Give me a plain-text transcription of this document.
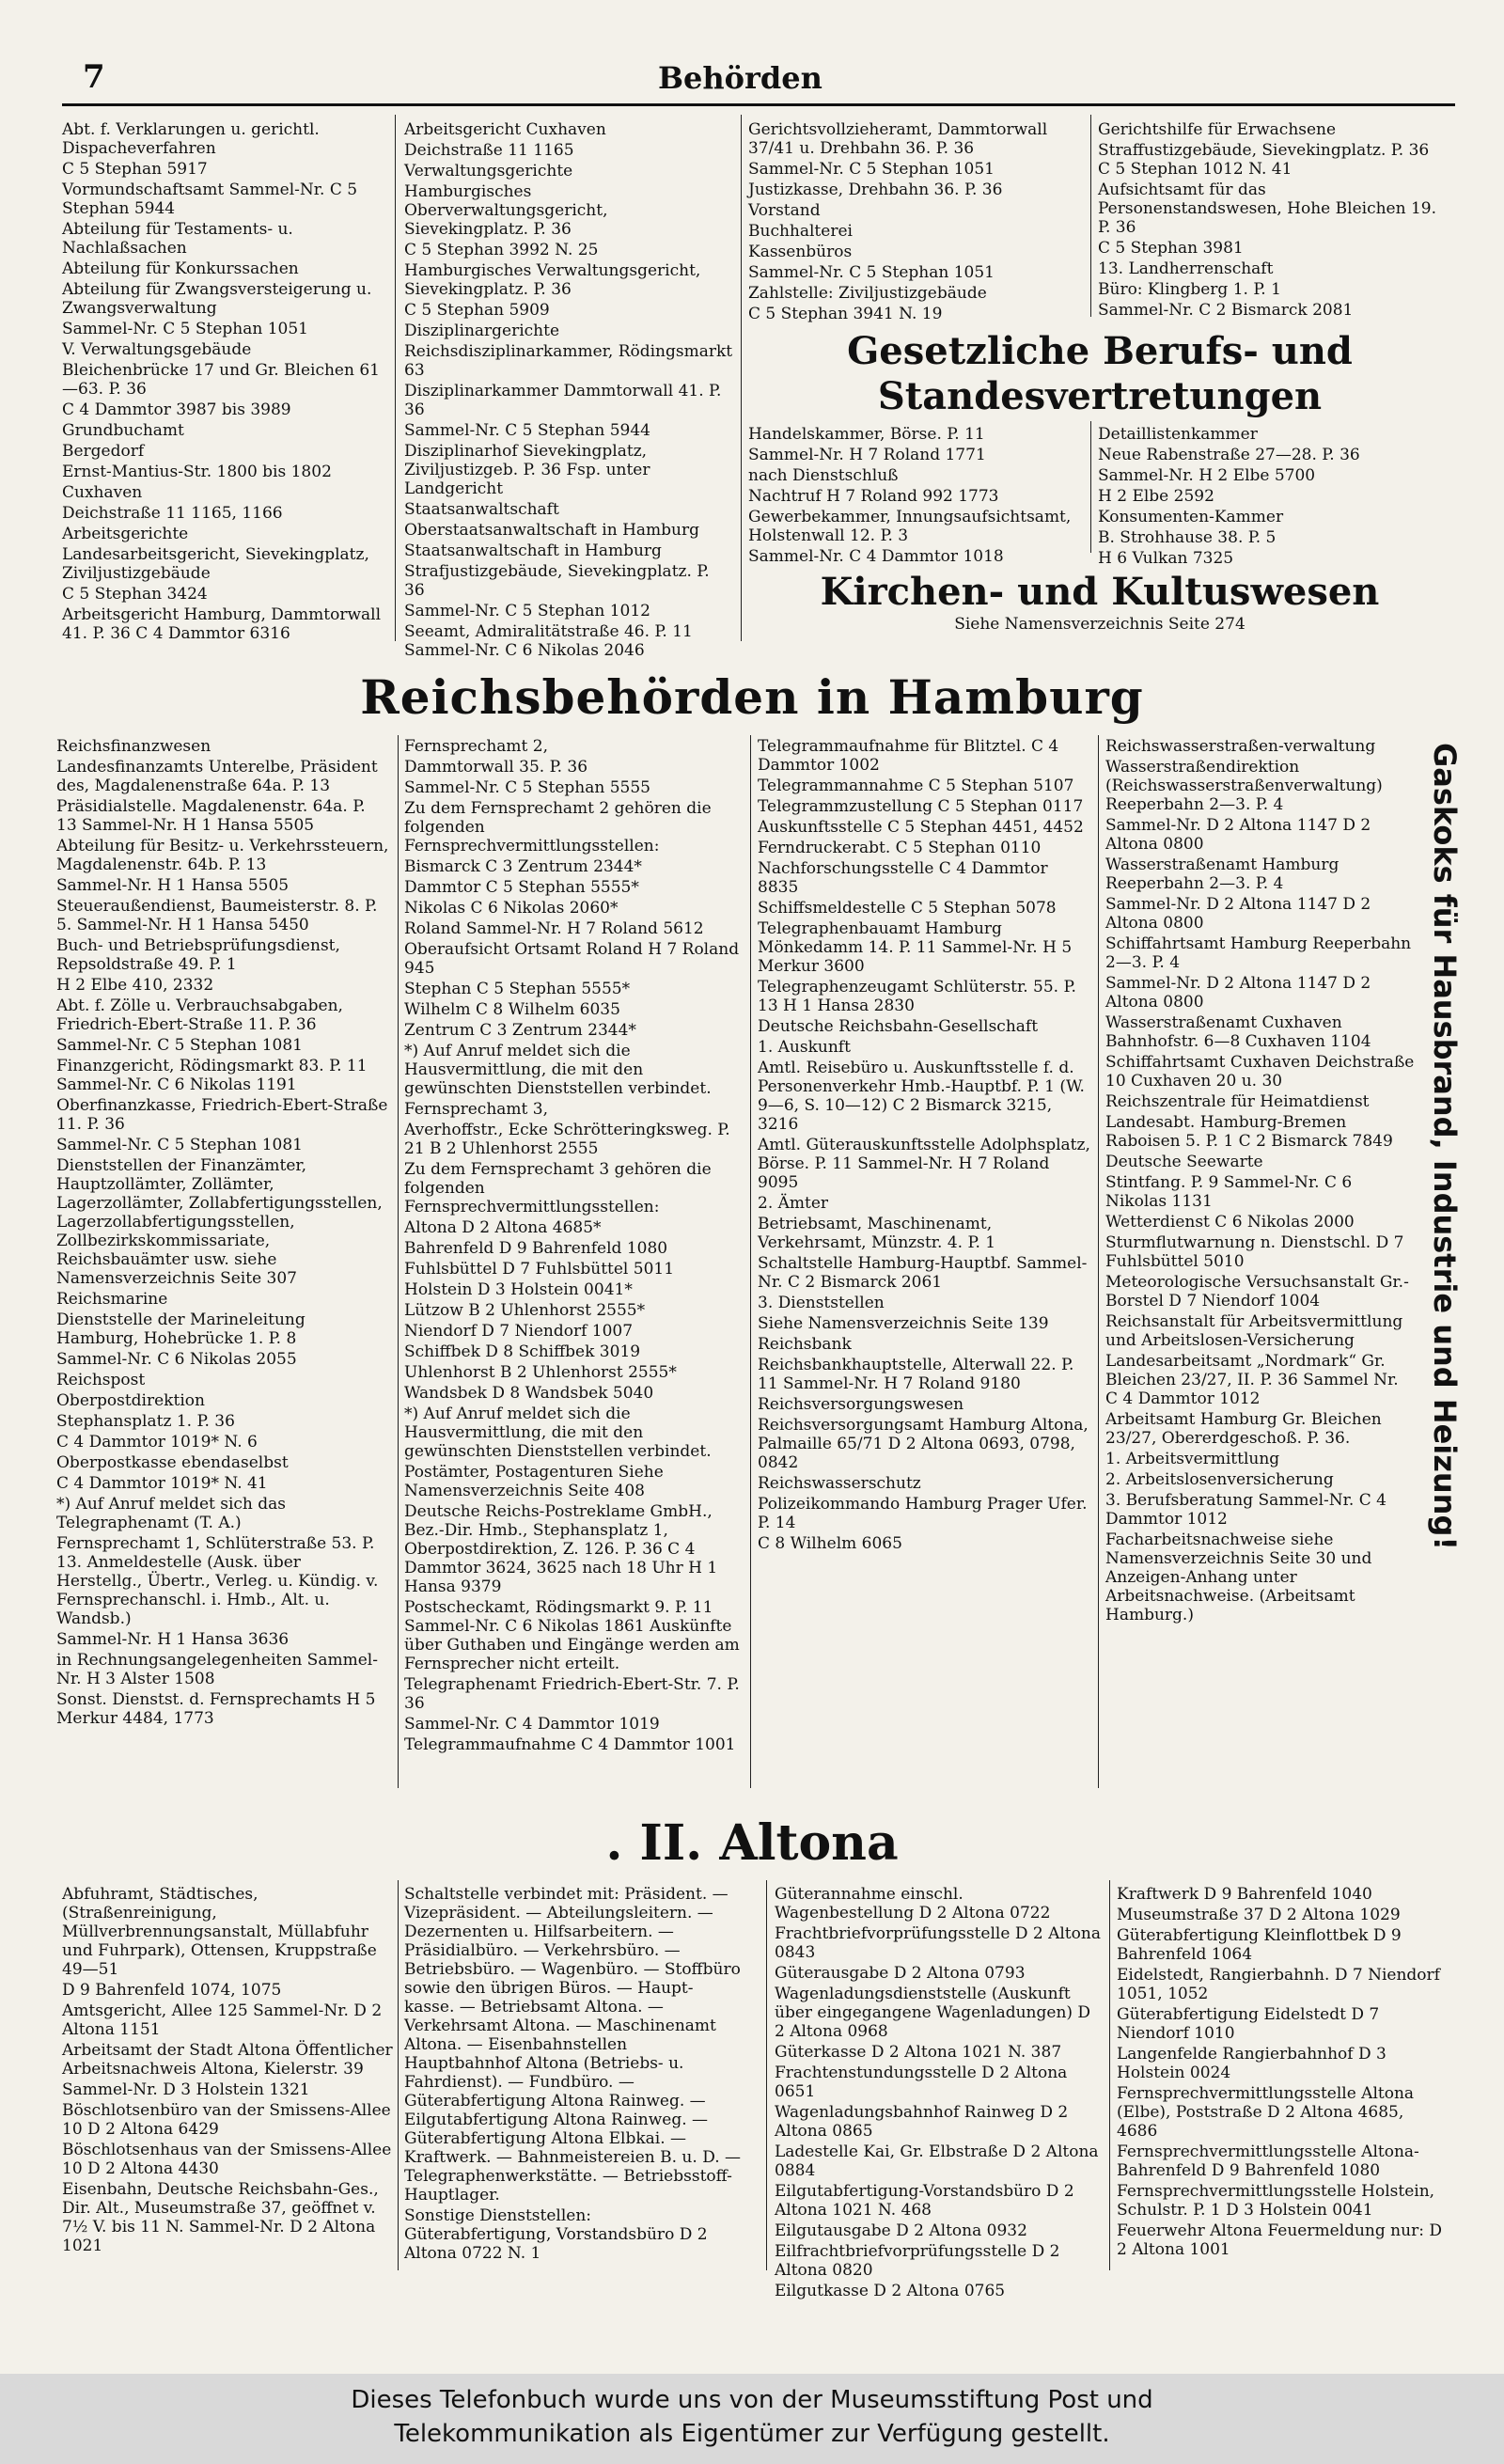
7	Behörden
Abt. f. Verklarungen u. gerichtl. Dispacheverfahren
C 5 Stephan 5917
Vormundschaftsamt Sammel-Nr. C 5 Stephan 5944
Abteilung für Testaments- u. Nachlaßsachen
Abteilung für Konkurssachen
Abteilung für Zwangsversteigerung u. Zwangsverwaltung
Sammel-Nr. C 5 Stephan 1051
V. Verwaltungsgebäude
Bleichenbrücke 17 und Gr. Bleichen 61—63. P. 36
C 4 Dammtor 3987 bis 3989
Grundbuchamt
Bergedorf
Ernst-Mantius-Str. 1800 bis 1802
Cuxhaven
Deichstraße 11 1165, 1166
Arbeitsgerichte
Landesarbeitsgericht, Sievekingplatz, Ziviljustizgebäude
C 5 Stephan 3424
Arbeitsgericht Hamburg, Dammtorwall 41. P. 36 C 4 Dammtor 6316
Arbeitsgericht Cuxhaven
Deichstraße 11 1165
Verwaltungsgerichte
Hamburgisches Oberverwaltungsgericht, Sievekingplatz. P. 36
C 5 Stephan 3992 N. 25
Hamburgisches Verwaltungsgericht, Sievekingplatz. P. 36
C 5 Stephan 5909
Disziplinargerichte
Reichsdisziplinarkammer, Rödingsmarkt 63
Disziplinarkammer Dammtorwall 41. P. 36
Sammel-Nr. C 5 Stephan 5944
Disziplinarhof Sievekingplatz, Ziviljustizgeb. P. 36 Fsp. unter Landgericht
Staatsanwaltschaft
Oberstaatsanwaltschaft in Hamburg
Staatsanwaltschaft in Hamburg
Strafjustizgebäude, Sievekingplatz. P. 36
Sammel-Nr. C 5 Stephan 1012
Seeamt, Admiralitätstraße 46. P. 11 Sammel-Nr. C 6 Nikolas 2046
Gerichtsvollzieheramt, Dammtorwall 37/41 u. Drehbahn 36. P. 36
Sammel-Nr. C 5 Stephan 1051
Justizkasse, Drehbahn 36. P. 36
Vorstand
Buchhalterei
Kassenbüros
Sammel-Nr. C 5 Stephan 1051
Zahlstelle: Ziviljustizgebäude
C 5 Stephan 3941 N. 19
Gerichtshilfe für Erwachsene
Straffustizgebäude, Sievekingplatz. P. 36 C 5 Stephan 1012 N. 41
Aufsichtsamt für das Personenstandswesen, Hohe Bleichen 19. P. 36
C 5 Stephan 3981
13. Landherrenschaft
Büro: Klingberg 1. P. 1
Sammel-Nr. C 2 Bismarck 2081
Gesetzliche Berufs- und Standesvertretungen
Handelskammer, Börse. P. 11
Sammel-Nr. H 7 Roland 1771
nach Dienstschluß
Nachtruf H 7 Roland 992 1773
Gewerbekammer, Innungsaufsichtsamt, Holstenwall 12. P. 3
Sammel-Nr. C 4 Dammtor 1018
Detaillistenkammer
Neue Rabenstraße 27—28. P. 36
Sammel-Nr. H 2 Elbe 5700
H 2 Elbe 2592
Konsumenten-Kammer
B. Strohhause 38. P. 5
H 6 Vulkan 7325
Kirchen- und Kultuswesen
Siehe Namensverzeichnis Seite 274
Reichsbehörden in Hamburg
Reichsfinanzwesen
Landesfinanzamts Unterelbe, Präsident des, Magdalenenstraße 64a. P. 13
Präsidialstelle. Magdalenenstr. 64a. P. 13 Sammel-Nr. H 1 Hansa 5505
Abteilung für Besitz- u. Verkehrssteuern, Magdalenenstr. 64b. P. 13
Sammel-Nr. H 1 Hansa 5505
Steueraußendienst, Baumeisterstr. 8. P. 5. Sammel-Nr. H 1 Hansa 5450
Buch- und Betriebsprüfungsdienst, Repsoldstraße 49. P. 1
H 2 Elbe 410, 2332
Abt. f. Zölle u. Verbrauchsabgaben, Friedrich-Ebert-Straße 11. P. 36
Sammel-Nr. C 5 Stephan 1081
Finanzgericht, Rödingsmarkt 83. P. 11 Sammel-Nr. C 6 Nikolas 1191
Oberfinanzkasse, Friedrich-Ebert-Straße 11. P. 36
Sammel-Nr. C 5 Stephan 1081
Dienststellen der Finanzämter, Hauptzollämter, Zollämter, Lagerzollämter, Zollabfertigungsstellen, Lagerzollabfertigungsstellen, Zollbezirkskommissariate, Reichsbauämter usw. siehe Namensverzeichnis Seite 307
Reichsmarine
Dienststelle der Marineleitung Hamburg, Hohebrücke 1. P. 8
Sammel-Nr. C 6 Nikolas 2055
Reichspost
Oberpostdirektion
Stephansplatz 1. P. 36
C 4 Dammtor 1019* N. 6
Oberpostkasse ebendaselbst
C 4 Dammtor 1019* N. 41
*) Auf Anruf meldet sich das Telegraphenamt (T. A.)
Fernsprechamt 1, Schlüterstraße 53. P. 13. Anmeldestelle (Ausk. über Herstellg., Übertr., Verleg. u. Kündig. v. Fernsprechanschl. i. Hmb., Alt. u. Wandsb.)
Sammel-Nr. H 1 Hansa 3636
in Rechnungsangelegenheiten Sammel-Nr. H 3 Alster 1508
Sonst. Dienstst. d. Fernsprechamts H 5 Merkur 4484, 1773
Fernsprechamt 2,
Dammtorwall 35. P. 36
Sammel-Nr. C 5 Stephan 5555
Zu dem Fernsprechamt 2 gehören die folgenden Fernsprechvermittlungsstellen:
Bismarck C 3 Zentrum 2344*
Dammtor C 5 Stephan 5555*
Nikolas C 6 Nikolas 2060*
Roland Sammel-Nr. H 7 Roland 5612
Oberaufsicht Ortsamt Roland H 7 Roland 945
Stephan C 5 Stephan 5555*
Wilhelm C 8 Wilhelm 6035
Zentrum C 3 Zentrum 2344*
*) Auf Anruf meldet sich die Hausvermittlung, die mit den gewünschten Dienststellen verbindet.
Fernsprechamt 3,
Averhoffstr., Ecke Schrötteringksweg. P. 21 B 2 Uhlenhorst 2555
Zu dem Fernsprechamt 3 gehören die folgenden Fernsprechvermittlungsstellen:
Altona D 2 Altona 4685*
Bahrenfeld D 9 Bahrenfeld 1080
Fuhlsbüttel D 7 Fuhlsbüttel 5011
Holstein D 3 Holstein 0041*
Lützow B 2 Uhlenhorst 2555*
Niendorf D 7 Niendorf 1007
Schiffbek D 8 Schiffbek 3019
Uhlenhorst B 2 Uhlenhorst 2555*
Wandsbek D 8 Wandsbek 5040
*) Auf Anruf meldet sich die Hausvermittlung, die mit den gewünschten Dienststellen verbindet.
Postämter, Postagenturen Siehe Namensverzeichnis Seite 408
Deutsche Reichs-Postreklame GmbH., Bez.-Dir. Hmb., Stephansplatz 1, Oberpostdirektion, Z. 126. P. 36 C 4 Dammtor 3624, 3625 nach 18 Uhr H 1 Hansa 9379
Postscheckamt, Rödingsmarkt 9. P. 11 Sammel-Nr. C 6 Nikolas 1861 Auskünfte über Guthaben und Eingänge werden am Fernsprecher nicht erteilt.
Telegraphenamt Friedrich-Ebert-Str. 7. P. 36
Sammel-Nr. C 4 Dammtor 1019
Telegrammaufnahme C 4 Dammtor 1001
Telegrammaufnahme für Blitztel. C 4 Dammtor 1002
Telegrammannahme C 5 Stephan 5107
Telegrammzustellung C 5 Stephan 0117
Auskunftsstelle C 5 Stephan 4451, 4452
Ferndruckerabt. C 5 Stephan 0110
Nachforschungsstelle C 4 Dammtor 8835
Schiffsmeldestelle C 5 Stephan 5078
Telegraphenbauamt Hamburg Mönkedamm 14. P. 11 Sammel-Nr. H 5 Merkur 3600
Telegraphenzeugamt Schlüterstr. 55. P. 13 H 1 Hansa 2830
Deutsche Reichsbahn-Gesellschaft
1. Auskunft
Amtl. Reisebüro u. Auskunftsstelle f. d. Personenverkehr Hmb.-Hauptbf. P. 1 (W. 9—6, S. 10—12) C 2 Bismarck 3215, 3216
Amtl. Güterauskunftsstelle Adolphsplatz, Börse. P. 11 Sammel-Nr. H 7 Roland 9095
2. Ämter
Betriebsamt, Maschinenamt, Verkehrsamt, Münzstr. 4. P. 1
Schaltstelle Hamburg-Hauptbf. Sammel-Nr. C 2 Bismarck 2061
3. Dienststellen
Siehe Namensverzeichnis Seite 139
Reichsbank
Reichsbankhauptstelle, Alterwall 22. P. 11 Sammel-Nr. H 7 Roland 9180
Reichsversorgungswesen
Reichsversorgungsamt Hamburg Altona, Palmaille 65/71 D 2 Altona 0693, 0798, 0842
Reichswasserschutz
Polizeikommando Hamburg Prager Ufer. P. 14
C 8 Wilhelm 6065
Reichswasserstraßen-verwaltung
Wasserstraßendirektion (Reichswasserstraßenverwaltung) Reeperbahn 2—3. P. 4
Sammel-Nr. D 2 Altona 1147 D 2 Altona 0800
Wasserstraßenamt Hamburg Reeperbahn 2—3. P. 4
Sammel-Nr. D 2 Altona 1147 D 2 Altona 0800
Schiffahrtsamt Hamburg Reeperbahn 2—3. P. 4
Sammel-Nr. D 2 Altona 1147 D 2 Altona 0800
Wasserstraßenamt Cuxhaven Bahnhofstr. 6—8 Cuxhaven 1104
Schiffahrtsamt Cuxhaven Deichstraße 10 Cuxhaven 20 u. 30
Reichszentrale für Heimatdienst
Landesabt. Hamburg-Bremen Raboisen 5. P. 1 C 2 Bismarck 7849
Deutsche Seewarte
Stintfang. P. 9 Sammel-Nr. C 6 Nikolas 1131
Wetterdienst C 6 Nikolas 2000
Sturmflutwarnung n. Dienstschl. D 7 Fuhlsbüttel 5010
Meteorologische Versuchsanstalt Gr.-Borstel D 7 Niendorf 1004
Reichsanstalt für Arbeitsvermittlung und Arbeitslosen-Versicherung
Landesarbeitsamt „Nordmark“ Gr. Bleichen 23/27, II. P. 36 Sammel Nr. C 4 Dammtor 1012
Arbeitsamt Hamburg Gr. Bleichen 23/27, Obererdgeschoß. P. 36.
1. Arbeitsvermittlung
2. Arbeitslosenversicherung
3. Berufsberatung Sammel-Nr. C 4 Dammtor 1012
Facharbeitsnachweise siehe Namensverzeichnis Seite 30 und Anzeigen-Anhang unter Arbeitsnachweise. (Arbeitsamt Hamburg.)
Gaskoks für Hausbrand, Industrie und Heizung!
. II. Altona
Abfuhramt, Städtisches, (Straßenreinigung, Müllverbrennungsanstalt, Müllabfuhr und Fuhrpark), Ottensen, Kruppstraße 49—51
D 9 Bahrenfeld 1074, 1075
Amtsgericht, Allee 125 Sammel-Nr. D 2 Altona 1151
Arbeitsamt der Stadt Altona Öffentlicher Arbeitsnachweis Altona, Kielerstr. 39
Sammel-Nr. D 3 Holstein 1321
Böschlotsenbüro van der Smissens-Allee 10 D 2 Altona 6429
Böschlotsenhaus van der Smissens-Allee 10 D 2 Altona 4430
Eisenbahn, Deutsche Reichsbahn-Ges., Dir. Alt., Museumstraße 37, geöffnet v. 7½ V. bis 11 N. Sammel-Nr. D 2 Altona 1021
Schaltstelle verbindet mit: Präsident. — Vizepräsident. — Abteilungsleitern. — Dezernenten u. Hilfsarbeitern. — Präsidialbüro. — Verkehrsbüro. — Betriebsbüro. — Wagenbüro. — Stoffbüro sowie den übrigen Büros. — Haupt-kasse. — Betriebsamt Altona. — Verkehrsamt Altona. — Maschinenamt Altona. — Eisenbahnstellen Hauptbahnhof Altona (Betriebs- u. Fahrdienst). — Fundbüro. — Güterabfertigung Altona Rainweg. — Eilgutabfertigung Altona Rainweg. — Güterabfertigung Altona Elbkai. — Kraftwerk. — Bahnmeistereien B. u. D. — Telegraphenwerkstätte. — Betriebsstoff-Hauptlager.
Sonstige Dienststellen: Güterabfertigung, Vorstandsbüro D 2 Altona 0722 N. 1
Güterannahme einschl. Wagenbestellung D 2 Altona 0722
Frachtbriefvorprüfungsstelle D 2 Altona 0843
Güterausgabe D 2 Altona 0793
Wagenladungsdienststelle (Auskunft über eingegangene Wagenladungen) D 2 Altona 0968
Güterkasse D 2 Altona 1021 N. 387
Frachtenstundungsstelle D 2 Altona 0651
Wagenladungsbahnhof Rainweg D 2 Altona 0865
Ladestelle Kai, Gr. Elbstraße D 2 Altona 0884
Eilgutabfertigung-Vorstandsbüro D 2 Altona 1021 N. 468
Eilgutausgabe D 2 Altona 0932
Eilfrachtbriefvorprüfungsstelle D 2 Altona 0820
Eilgutkasse D 2 Altona 0765
Kraftwerk D 9 Bahrenfeld 1040
Museumstraße 37 D 2 Altona 1029
Güterabfertigung Kleinflottbek D 9 Bahrenfeld 1064
Eidelstedt, Rangierbahnh. D 7 Niendorf 1051, 1052
Güterabfertigung Eidelstedt D 7 Niendorf 1010
Langenfelde Rangierbahnhof D 3 Holstein 0024
Fernsprechvermittlungsstelle Altona (Elbe), Poststraße D 2 Altona 4685, 4686
Fernsprechvermittlungsstelle Altona-Bahrenfeld D 9 Bahrenfeld 1080
Fernsprechvermittlungsstelle Holstein, Schulstr. P. 1 D 3 Holstein 0041
Feuerwehr Altona Feuermeldung nur: D 2 Altona 1001
Dieses Telefonbuch wurde uns von der Museumsstiftung Post und
Telekommunikation als Eigentümer zur Verfügung gestellt.
